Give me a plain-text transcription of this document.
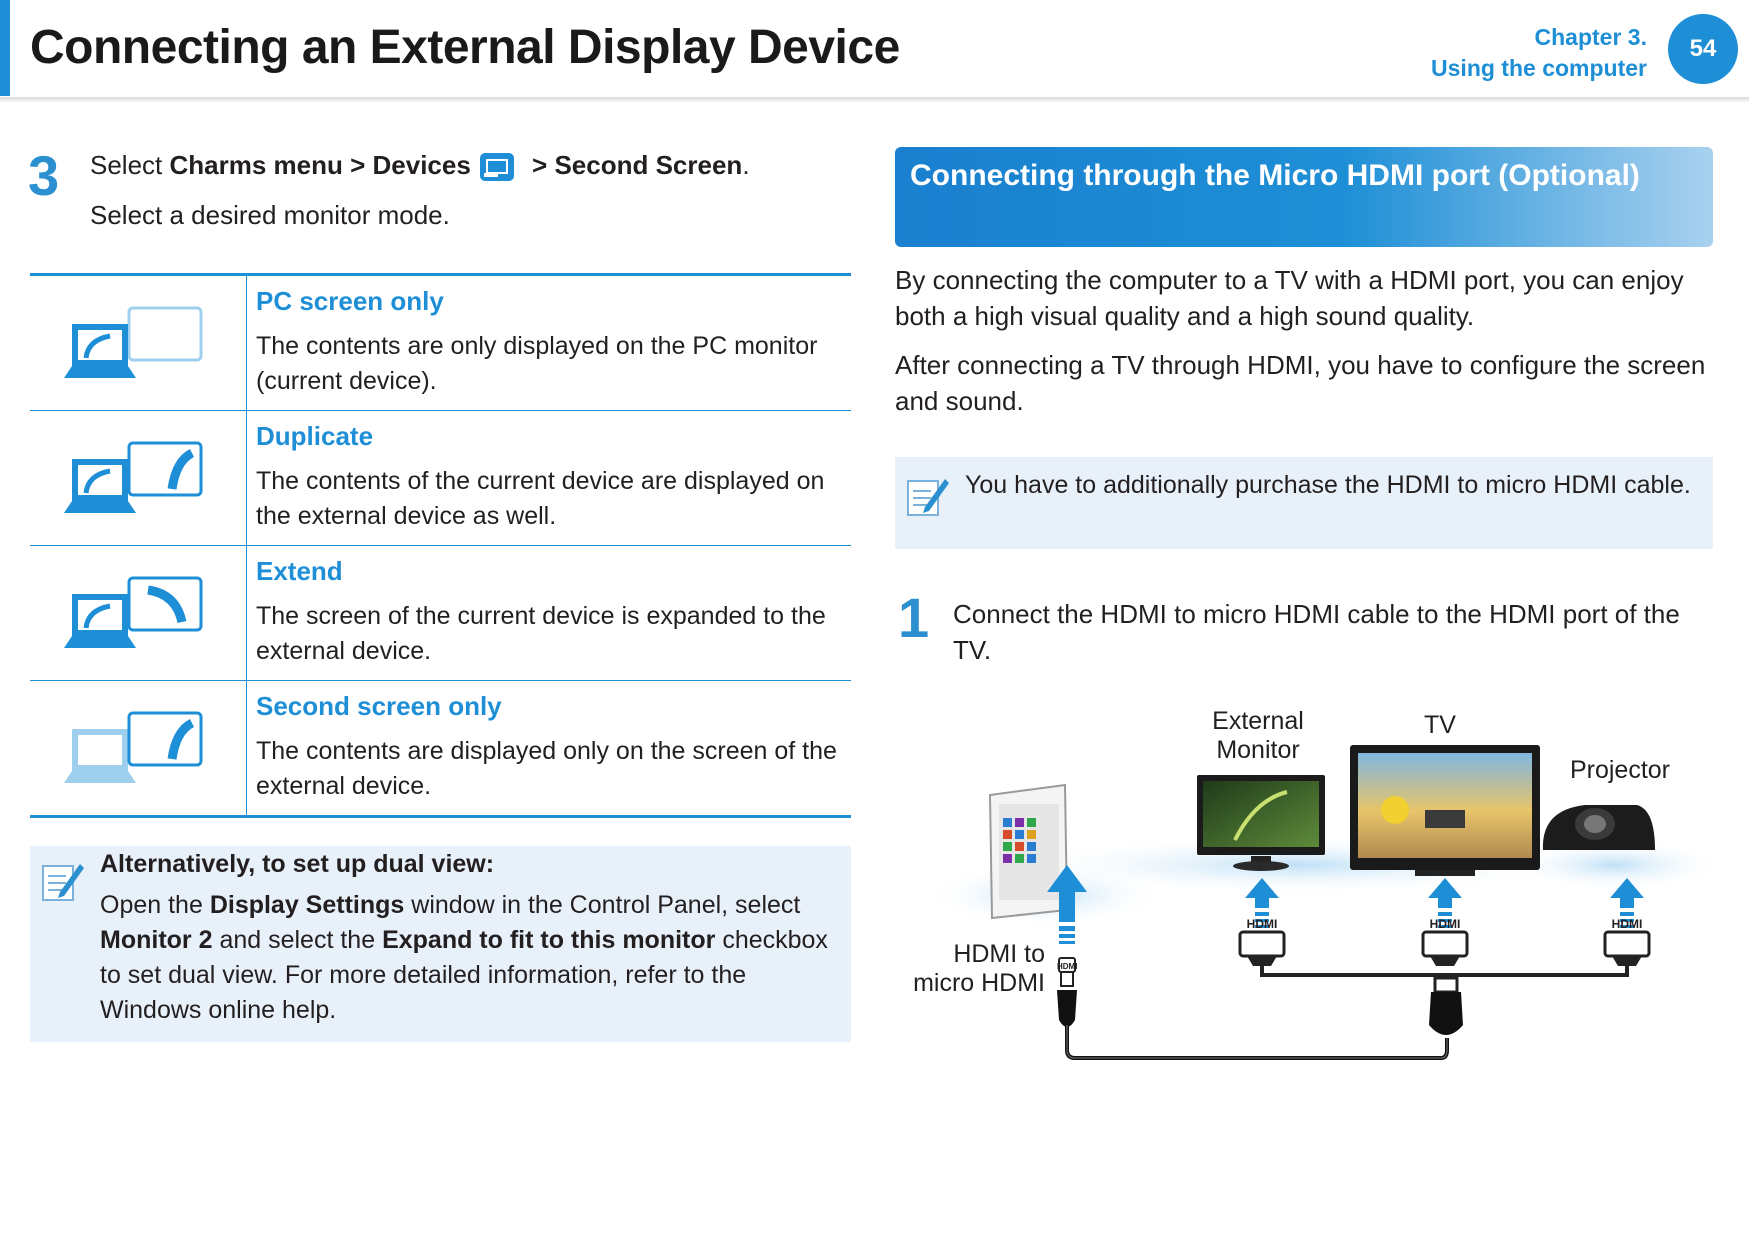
Connecting an External Display Device	Chapter 3.
Using the computer
54
3 Select Charms menu > Devices > Second Screen.
Select a desired monitor mode.
PC screen only
The contents are only displayed on the PC monitor (current device).
Duplicate
The contents of the current device are displayed on the external device as well.
Extend
The screen of the current device is expanded to the external device.
Second screen only
The contents are displayed only on the screen of the external device.
Alternatively, to set up dual view:
Open the Display Settings window in the Control Panel, select Monitor 2 and select the Expand to fit to this monitor checkbox to set dual view. For more detailed information, refer to the Windows online help.
Connecting through the Micro HDMI port (Optional)
By connecting the computer to a TV with a HDMI port, you can enjoy both a high visual quality and a high sound quality.
After connecting a TV through HDMI, you have to configure the screen and sound.
You have to additionally purchase the HDMI to micro HDMI cable.
1 Connect the HDMI to micro HDMI cable to the HDMI port of the TV.
External
Monitor
TV
Projector
HDMI to
micro HDMI
HDMI	HDMI	HDMI
HDMI
